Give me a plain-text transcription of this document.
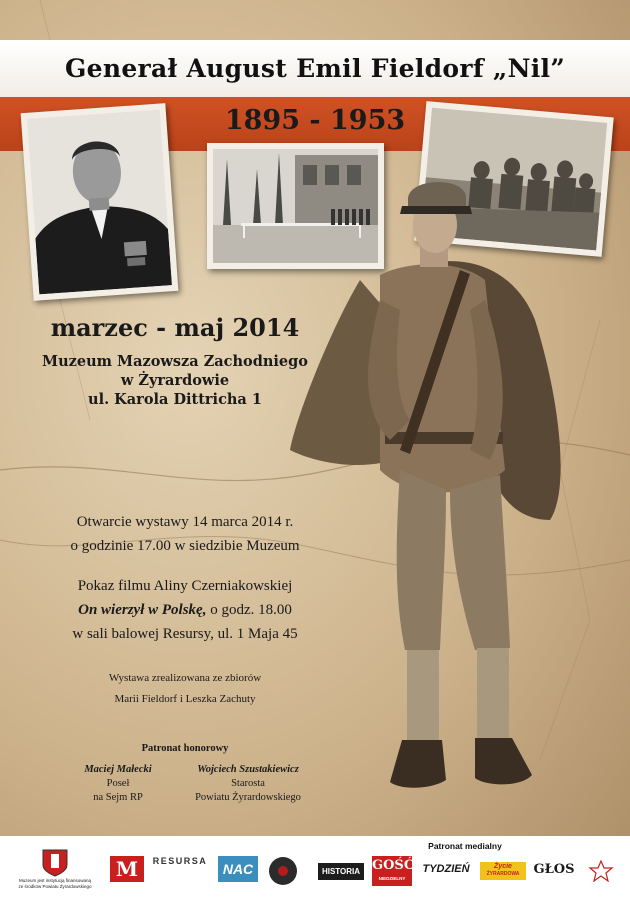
Generał August Emil Fieldorf „Nil”
1895 - 1953
marzec - maj 2014
Muzeum Mazowsza Zachodniego
w Żyrardowie
ul. Karola Dittricha 1
Otwarcie wystawy 14 marca 2014 r.
o godzinie 17.00 w siedzibie Muzeum
Pokaz filmu Aliny Czerniakowskiej
On wierzył w Polskę, o godz. 18.00
w sali balowej Resursy, ul. 1 Maja 45
Wystawa zrealizowana ze zbiorów
Marii Fieldorf i Leszka Zachuty
Patronat honorowy
Maciej Małecki
Poseł
na Sejm RP
Wojciech Szustakiewicz
Starosta
Powiatu Żyrardowskiego
Patronat medialny
Muzeum jest instytucją finansowaną
ze środków Powiatu Żyrardowskiego
M	RESURSA	NAC	HISTORIA GOŚĆ
NIEDZIELNY
TYDZIEŃ	Życie
ŻYRARDOWA	GŁOS
